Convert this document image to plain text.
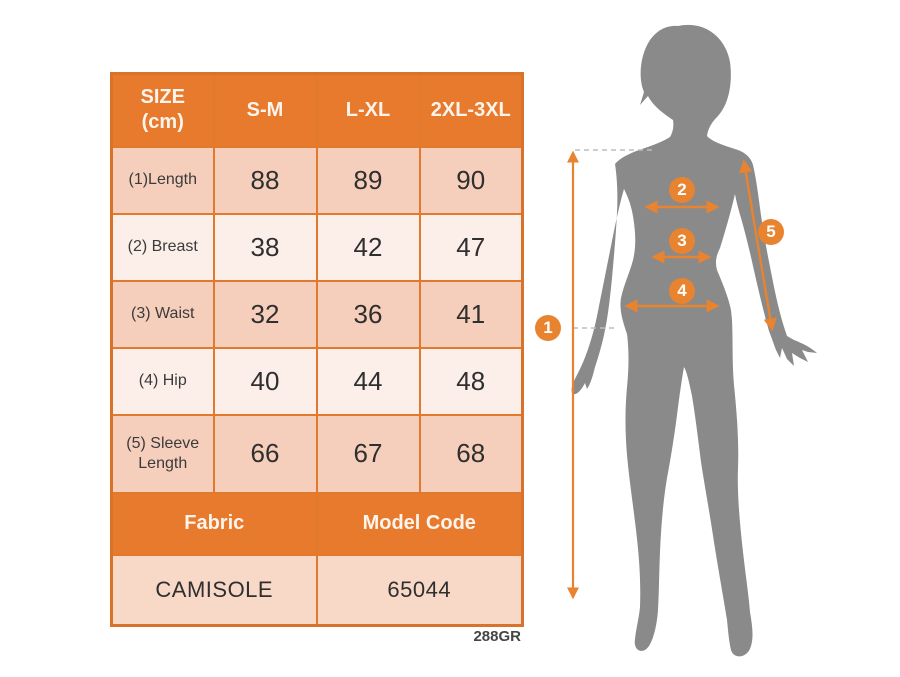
SIZE
(cm)	S-M	L-XL	2XL-3XL
(1)Length	88	89	90
(2) Breast	38	42	47
(3) Waist	32	36	41
(4) Hip	40	44	48
(5) Sleeve Length	66	67	68
Fabric		Model Code	
CAMISOLE		65044	
288GR
1
2
3
4
5
